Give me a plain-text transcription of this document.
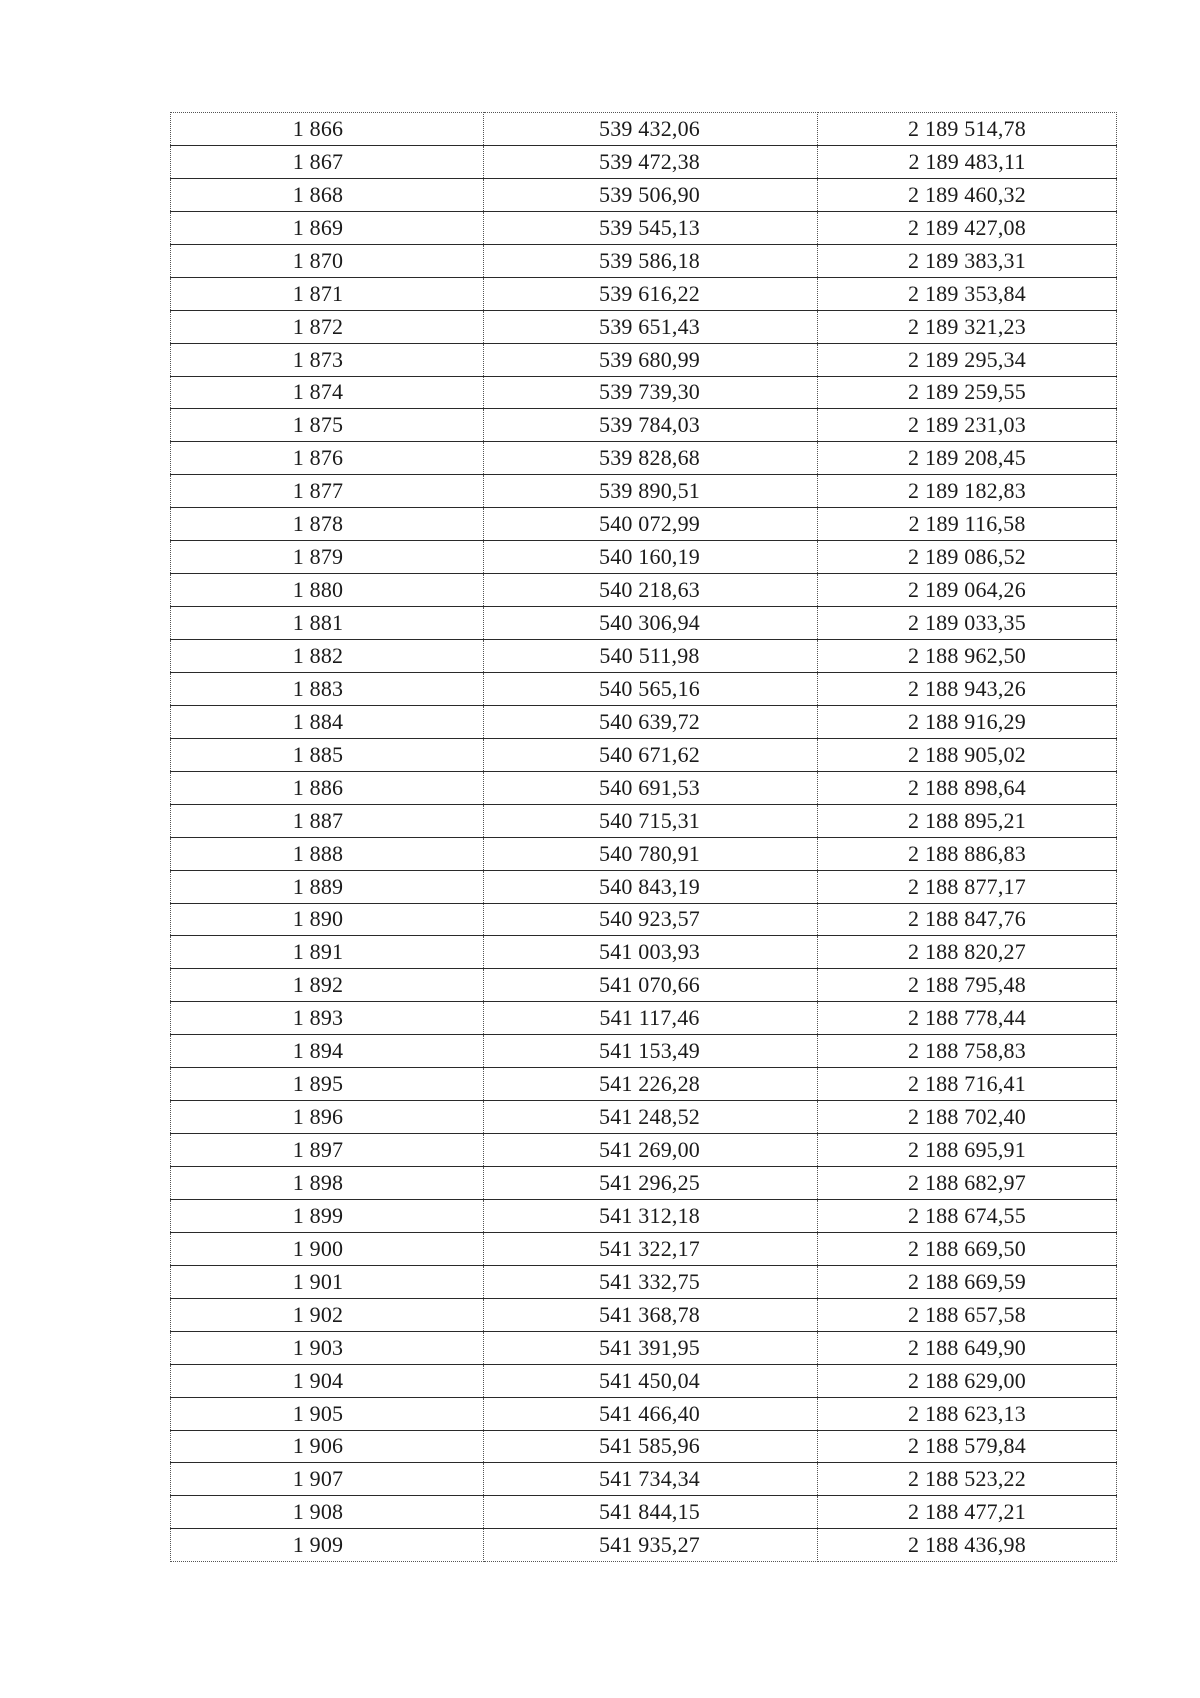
1 866	539 432,06	2 189 514,78
1 867	539 472,38	2 189 483,11
1 868	539 506,90	2 189 460,32
1 869	539 545,13	2 189 427,08
1 870	539 586,18	2 189 383,31
1 871	539 616,22	2 189 353,84
1 872	539 651,43	2 189 321,23
1 873	539 680,99	2 189 295,34
1 874	539 739,30	2 189 259,55
1 875	539 784,03	2 189 231,03
1 876	539 828,68	2 189 208,45
1 877	539 890,51	2 189 182,83
1 878	540 072,99	2 189 116,58
1 879	540 160,19	2 189 086,52
1 880	540 218,63	2 189 064,26
1 881	540 306,94	2 189 033,35
1 882	540 511,98	2 188 962,50
1 883	540 565,16	2 188 943,26
1 884	540 639,72	2 188 916,29
1 885	540 671,62	2 188 905,02
1 886	540 691,53	2 188 898,64
1 887	540 715,31	2 188 895,21
1 888	540 780,91	2 188 886,83
1 889	540 843,19	2 188 877,17
1 890	540 923,57	2 188 847,76
1 891	541 003,93	2 188 820,27
1 892	541 070,66	2 188 795,48
1 893	541 117,46	2 188 778,44
1 894	541 153,49	2 188 758,83
1 895	541 226,28	2 188 716,41
1 896	541 248,52	2 188 702,40
1 897	541 269,00	2 188 695,91
1 898	541 296,25	2 188 682,97
1 899	541 312,18	2 188 674,55
1 900	541 322,17	2 188 669,50
1 901	541 332,75	2 188 669,59
1 902	541 368,78	2 188 657,58
1 903	541 391,95	2 188 649,90
1 904	541 450,04	2 188 629,00
1 905	541 466,40	2 188 623,13
1 906	541 585,96	2 188 579,84
1 907	541 734,34	2 188 523,22
1 908	541 844,15	2 188 477,21
1 909	541 935,27	2 188 436,98
